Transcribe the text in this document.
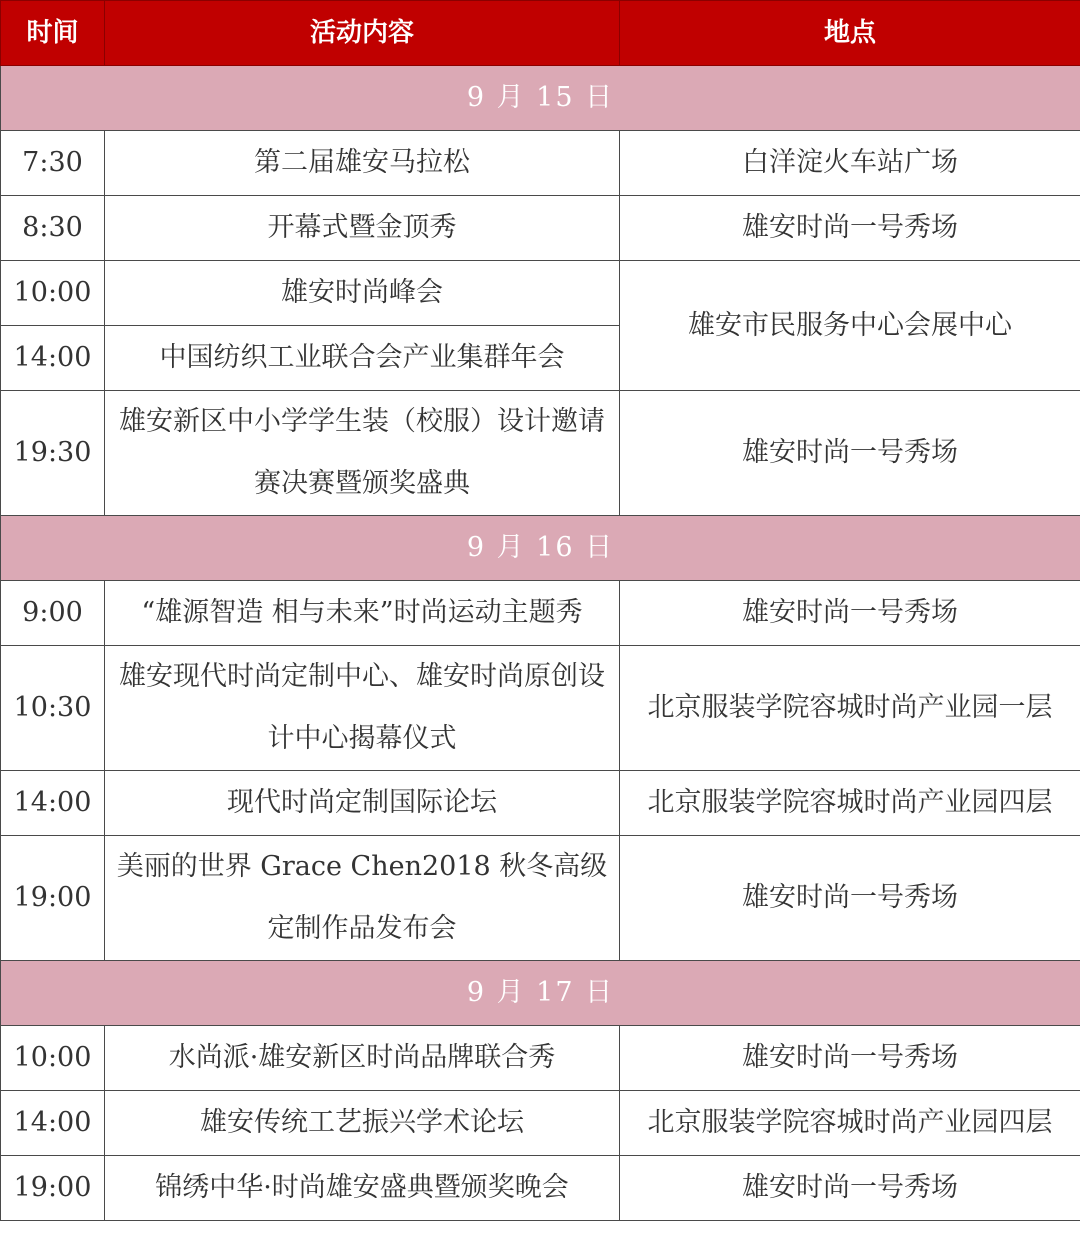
时间	活动内容	地点
9 月 15 日		
7:30	第二届雄安马拉松	白洋淀火车站广场
8:30	开幕式暨金顶秀	雄安时尚一号秀场
10:00	雄安时尚峰会	雄安市民服务中心会展中心
14:00	中国纺织工业联合会产业集群年会	
19:30	雄安新区中小学学生装（校服）设计邀请赛决赛暨颁奖盛典	雄安时尚一号秀场
9 月 16 日		
9:00	“雄源智造 相与未来”时尚运动主题秀	雄安时尚一号秀场
10:30	雄安现代时尚定制中心、雄安时尚原创设计中心揭幕仪式	北京服装学院容城时尚产业园一层
14:00	现代时尚定制国际论坛	北京服装学院容城时尚产业园四层
19:00	美丽的世界 Grace Chen2018 秋冬高级定制作品发布会	雄安时尚一号秀场
9 月 17 日		
10:00	水尚派·雄安新区时尚品牌联合秀	雄安时尚一号秀场
14:00	雄安传统工艺振兴学术论坛	北京服装学院容城时尚产业园四层
19:00	锦绣中华·时尚雄安盛典暨颁奖晚会	雄安时尚一号秀场
